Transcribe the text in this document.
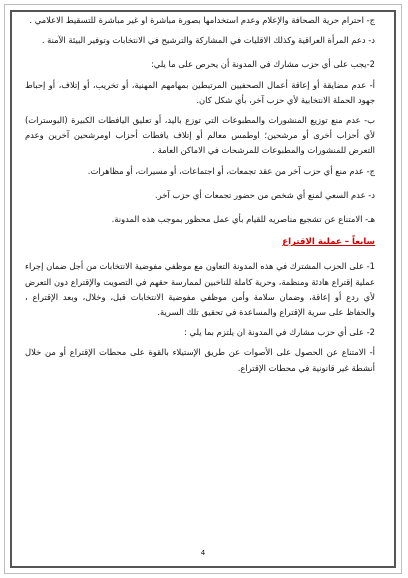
ج- احترام حرية الصحافة والإعلام وعدم استخدامها بصورة مباشرة او غير مباشرة للتسقيط الاعلامي .

د- دعم المرأة العراقية وكذلك الاقليات في المشاركة والترشيح في الانتخابات وتوفير البيئة الآمنة .

2-يجب على أي حزب مشارك في المدونة أن يحرص على ما يلي:

أ- عدم مضايقة أو إعاقة أعمال الصحفيين المرتبطين بمهامهم المهنية، أو تخريب، أو إتلاف، أو إحباط جهود الحملة الانتخابية لأي حزب آخر، بأي شكل كان.

ب- عدم منع توزيع المنشورات والمطبوعات التي توزع باليد، أو تعليق اليافطات الكبيرة (البوسترات) لأي أحزاب أخرى أو مرشحين؛ اوطمس معالم أو إتلاف يافطات أحزاب اومرشحين آخرين وعدم التعرض للمنشورات والمطبوعات للمرشحات في الاماكن العامة .

ج- عدم منع أي حزب آخر من عقد تجمعات، أو اجتماعات، أو مسيرات، أو مظاهرات.

د- عدم السعي لمنع أي شخص من حضور تجمعات أي حزب آخر.

هـ- الامتناع عن تشجيع مناصريه للقيام بأي عمل محظور بموجب هذه المدونة.

سابعاً – عملية الاقتراع

1- على الحزب المشترك في هذه المدونة التعاون مع موظفي مفوضية الانتخابات من أجل ضمان إجراء عملية إقتراع هادئة ومنظمة، وحرية كاملة للناخبين لممارسة حقهم في التصويت والإقتراع دون التعرض لأي ردع أو إعاقة، وضمان سلامة وأمن موظفي مفوضية الانتخابات قبل، وخلال، وبعد الإقتراع ، والحفاظ على سرية الإقتراع والمساعدة في تحقيق تلك السرية.

2- على أي حزب مشارك في المدونة ان يلتزم بما يلي :

أ- الامتناع عن الحصول على الأصوات عن طريق الإستيلاء بالقوة على محطات الإقتراع أو من خلال أنشطة غير قانونية في محطات الإقتراع.

4
